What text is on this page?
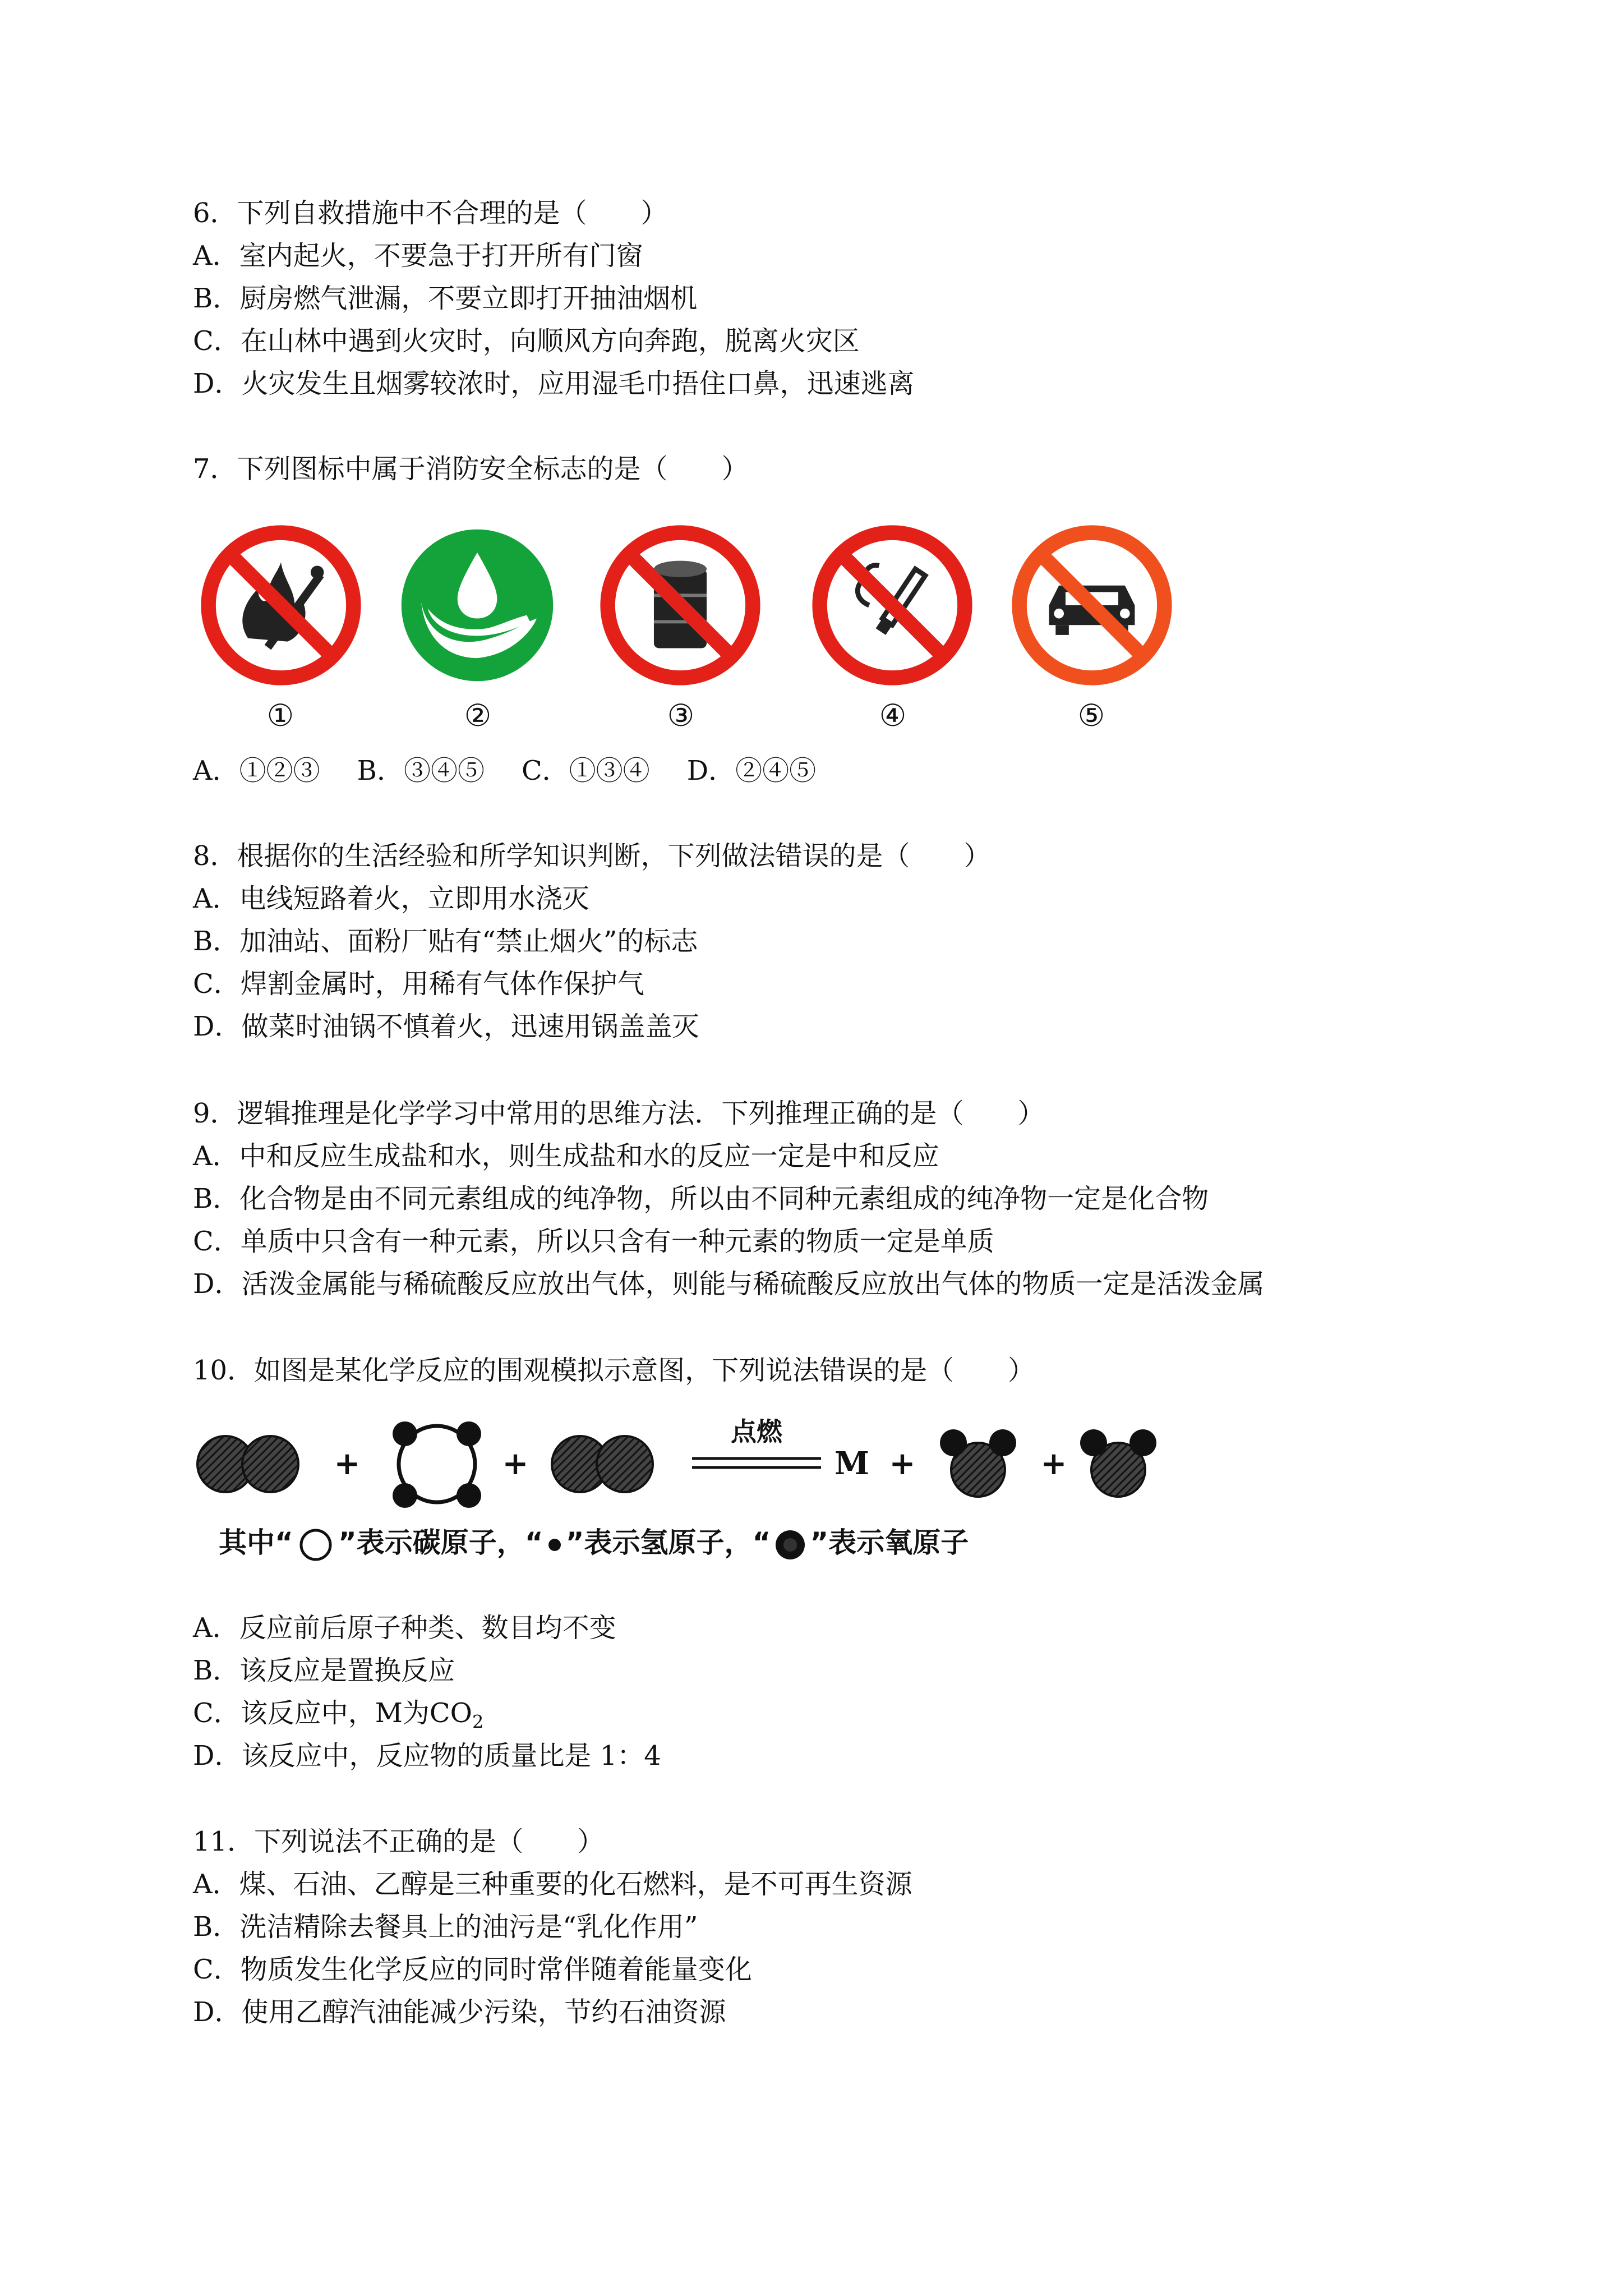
6．下列自救措施中不合理的是（　　）
A．室内起火，不要急于打开所有门窗
B．厨房燃气泄漏，不要立即打开抽油烟机
C．在山林中遇到火灾时，向顺风方向奔跑，脱离火灾区
D．火灾发生且烟雾较浓时，应用湿毛巾捂住口鼻，迅速逃离
7．下列图标中属于消防安全标志的是（　　）
①	②	③	④	⑤
A．①②③ B．③④⑤ C．①③④ D．②④⑤
8．根据你的生活经验和所学知识判断，下列做法错误的是（　　）
A．电线短路着火，立即用水浇灭
B．加油站、面粉厂贴有“禁止烟火”的标志
C．焊割金属时，用稀有气体作保护气
D．做菜时油锅不慎着火，迅速用锅盖盖灭
9．逻辑推理是化学学习中常用的思维方法．下列推理正确的是（　　）
A．中和反应生成盐和水，则生成盐和水的反应一定是中和反应
B．化合物是由不同元素组成的纯净物，所以由不同种元素组成的纯净物一定是化合物
C．单质中只含有一种元素，所以只含有一种元素的物质一定是单质
D．活泼金属能与稀硫酸反应放出气体，则能与稀硫酸反应放出气体的物质一定是活泼金属
10．如图是某化学反应的围观模拟示意图，下列说法错误的是（　　）
+	+
点燃
M +	+
其中“ ”表示碳原子，“ ”表示氢原子，“ ”表示氧原子
A．反应前后原子种类、数目均不变
B．该反应是置换反应
C．该反应中，M为$CO_2$
D．该反应中，反应物的质量比是 1：4
11．下列说法不正确的是（　　）
A．煤、石油、乙醇是三种重要的化石燃料，是不可再生资源
B．洗洁精除去餐具上的油污是“乳化作用”
C．物质发生化学反应的同时常伴随着能量变化
D．使用乙醇汽油能减少污染，节约石油资源
